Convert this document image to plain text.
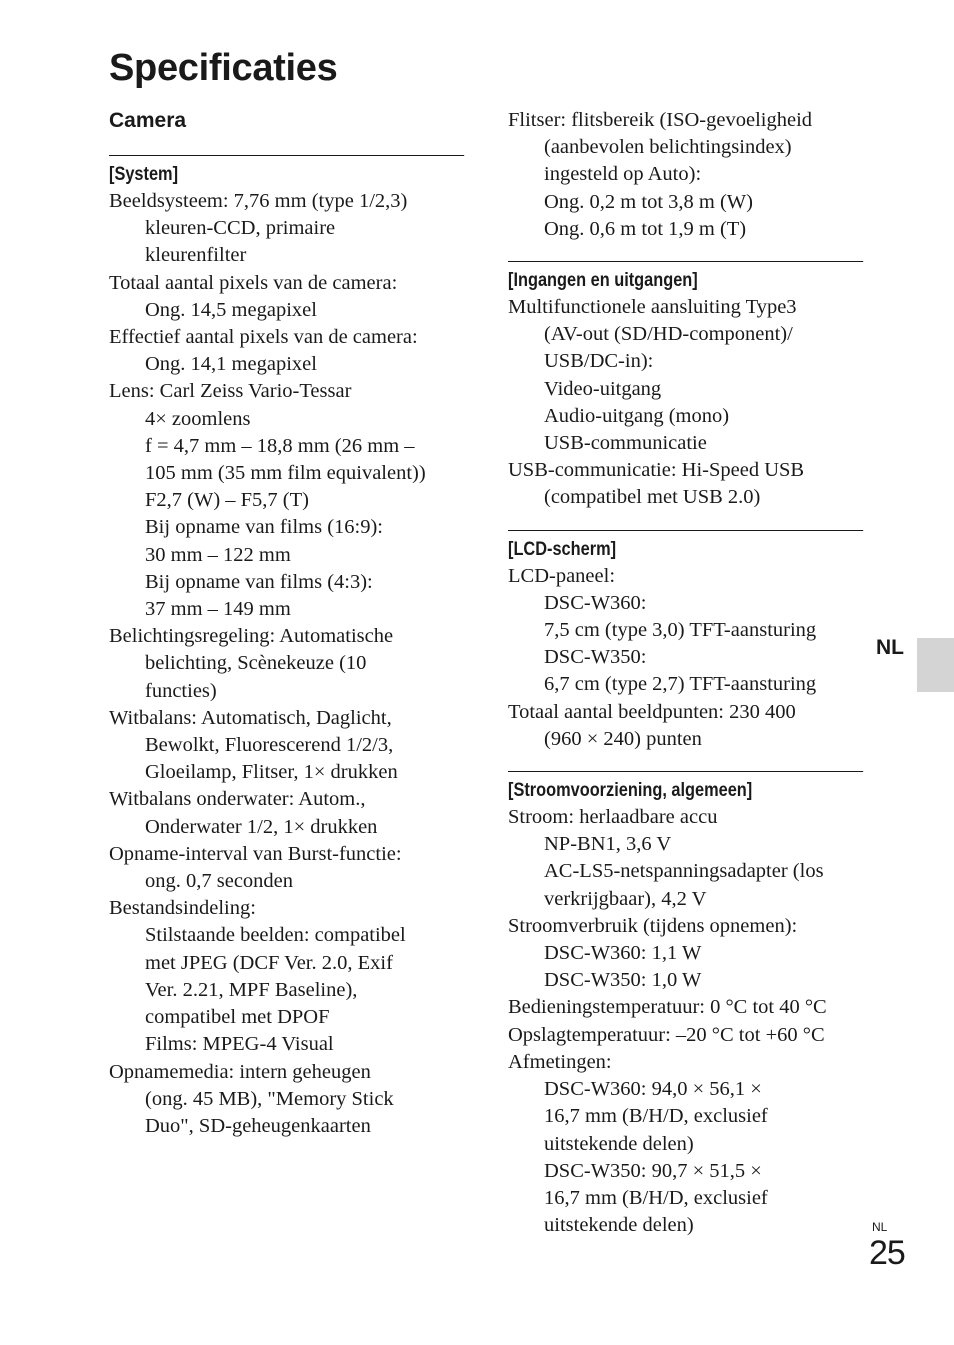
Specificaties
Camera
[System]
Beeldsysteem: 7,76 mm (type 1/2,3)
kleuren-CCD, primaire
kleurenfilter
Totaal aantal pixels van de camera:
Ong. 14,5 megapixel
Effectief aantal pixels van de camera:
Ong. 14,1 megapixel
Lens: Carl Zeiss Vario-Tessar
4× zoomlens
f = 4,7 mm – 18,8 mm (26 mm –
105 mm (35 mm film equivalent))
F2,7 (W) – F5,7 (T)
Bij opname van films (16:9):
30 mm – 122 mm
Bij opname van films (4:3):
37 mm – 149 mm
Belichtingsregeling: Automatische
belichting, Scènekeuze (10
functies)
Witbalans: Automatisch, Daglicht,
Bewolkt, Fluorescerend 1/2/3,
Gloeilamp, Flitser, 1× drukken
Witbalans onderwater: Autom.,
Onderwater 1/2, 1× drukken
Opname-interval van Burst-functie:
ong. 0,7 seconden
Bestandsindeling:
Stilstaande beelden: compatibel
met JPEG (DCF Ver. 2.0, Exif
Ver. 2.21, MPF Baseline),
compatibel met DPOF
Films: MPEG-4 Visual
Opnamemedia: intern geheugen
(ong. 45 MB), "Memory Stick
Duo", SD-geheugenkaarten
Flitser: flitsbereik (ISO-gevoeligheid
(aanbevolen belichtingsindex)
ingesteld op Auto):
Ong. 0,2 m tot 3,8 m (W)
Ong. 0,6 m tot 1,9 m (T)
[Ingangen en uitgangen]
Multifunctionele aansluiting Type3
(AV-out (SD/HD-component)/
USB/DC-in):
Video-uitgang
Audio-uitgang (mono)
USB-communicatie
USB-communicatie: Hi-Speed USB
(compatibel met USB 2.0)
[LCD-scherm]
LCD-paneel:
DSC-W360:
7,5 cm (type 3,0) TFT-aansturing
DSC-W350:
6,7 cm (type 2,7) TFT-aansturing
Totaal aantal beeldpunten: 230 400
(960 × 240) punten
[Stroomvoorziening, algemeen]
Stroom: herlaadbare accu
NP-BN1, 3,6 V
AC-LS5-netspanningsadapter (los
verkrijgbaar), 4,2 V
Stroomverbruik (tijdens opnemen):
DSC-W360: 1,1 W
DSC-W350: 1,0 W
Bedieningstemperatuur: 0 °C tot 40 °C
Opslagtemperatuur: –20 °C tot +60 °C
Afmetingen:
DSC-W360: 94,0 × 56,1 ×
16,7 mm (B/H/D, exclusief
uitstekende delen)
DSC-W350: 90,7 × 51,5 ×
16,7 mm (B/H/D, exclusief
uitstekende delen)
NL
NL
25
